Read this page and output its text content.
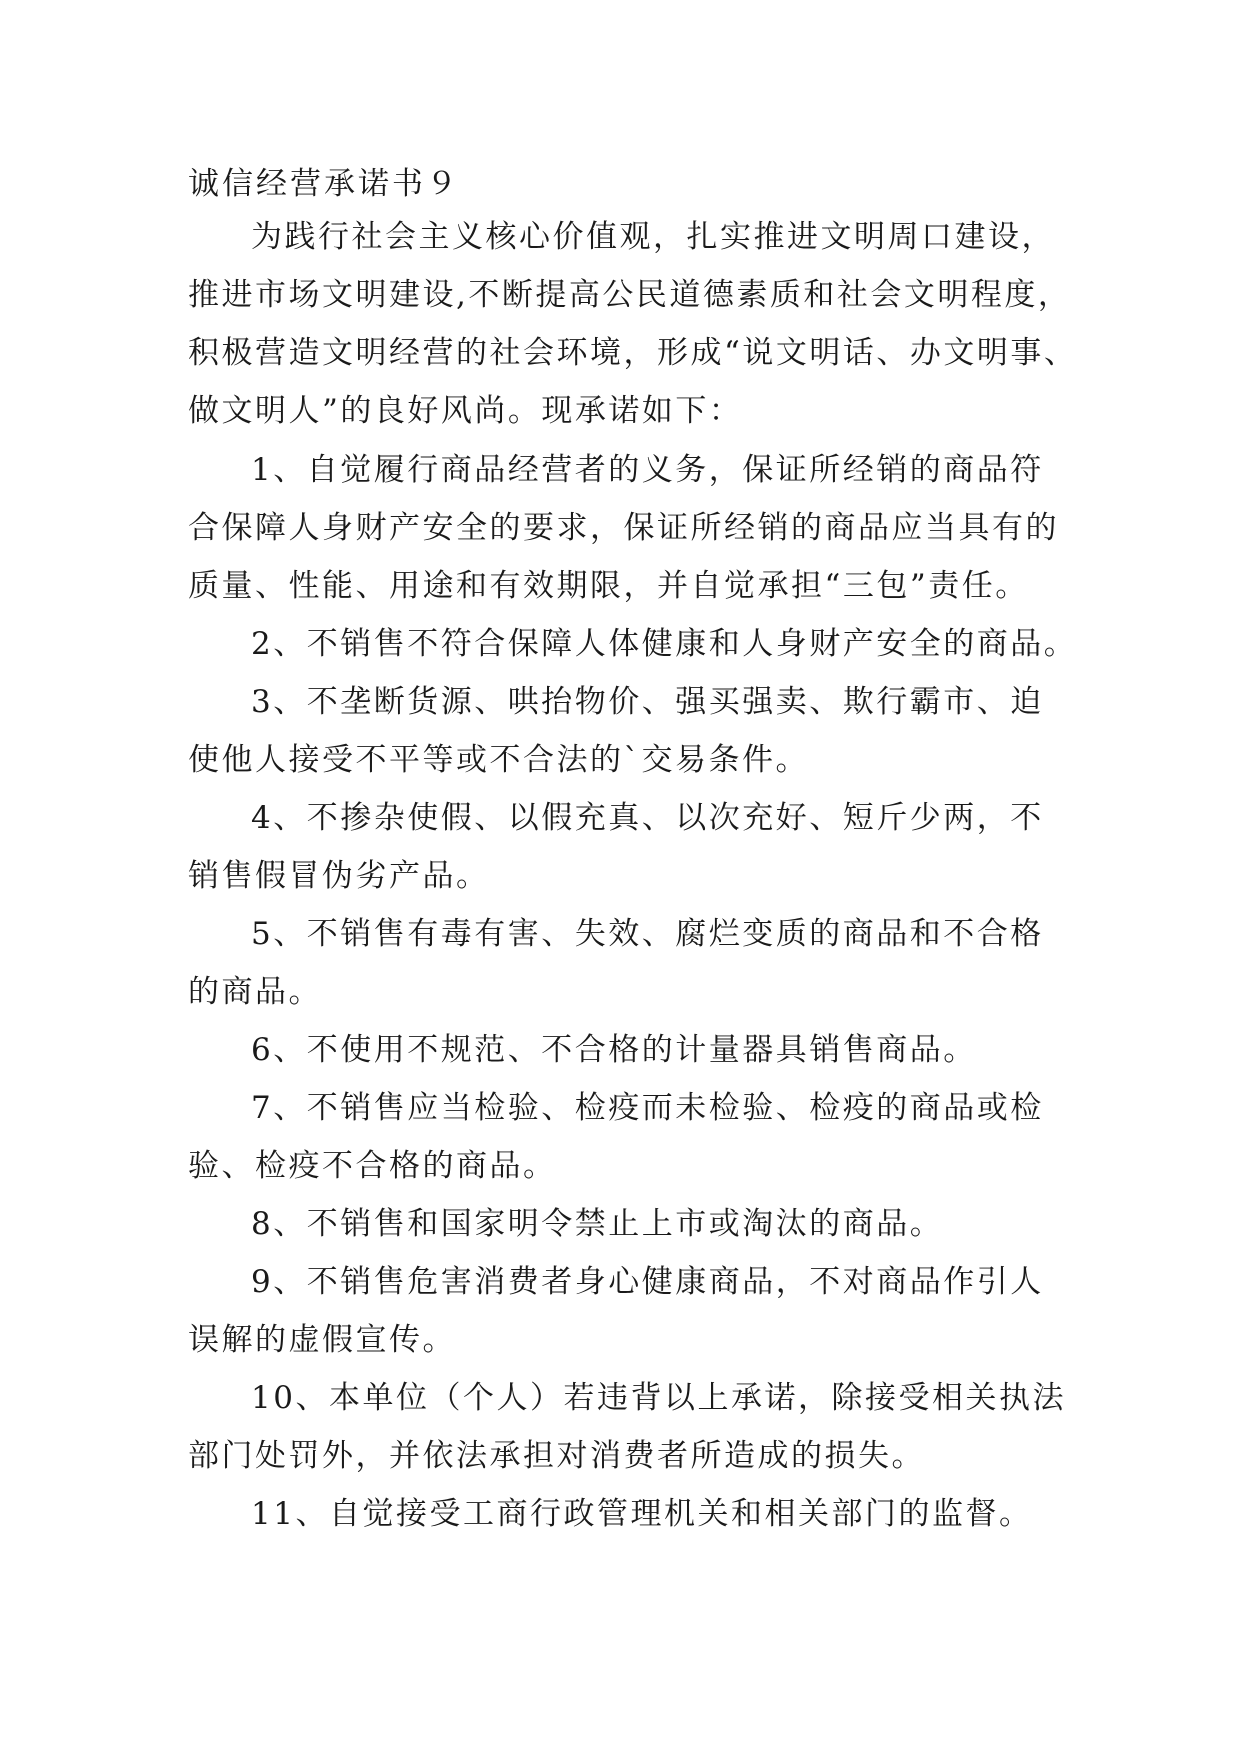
诚信经营承诺书９
为践行社会主义核心价值观，扎实推进文明周口建设，
推进市场文明建设,不断提高公民道德素质和社会文明程度，
积极营造文明经营的社会环境，形成“说文明话、办文明事、
做文明人”的良好风尚。现承诺如下：
1、自觉履行商品经营者的义务，保证所经销的商品符
合保障人身财产安全的要求，保证所经销的商品应当具有的
质量、性能、用途和有效期限，并自觉承担“三包”责任。
2、不销售不符合保障人体健康和人身财产安全的商品。
3、不垄断货源、哄抬物价、强买强卖、欺行霸市、迫
使他人接受不平等或不合法的`交易条件。
4、不掺杂使假、以假充真、以次充好、短斤少两，不
销售假冒伪劣产品。
5、不销售有毒有害、失效、腐烂变质的商品和不合格
的商品。
6、不使用不规范、不合格的计量器具销售商品。
7、不销售应当检验、检疫而未检验、检疫的商品或检
验、检疫不合格的商品。
8、不销售和国家明令禁止上市或淘汰的商品。
9、不销售危害消费者身心健康商品，不对商品作引人
误解的虚假宣传。
10、本单位（个人）若违背以上承诺，除接受相关执法
部门处罚外，并依法承担对消费者所造成的损失。
11、自觉接受工商行政管理机关和相关部门的监督。
